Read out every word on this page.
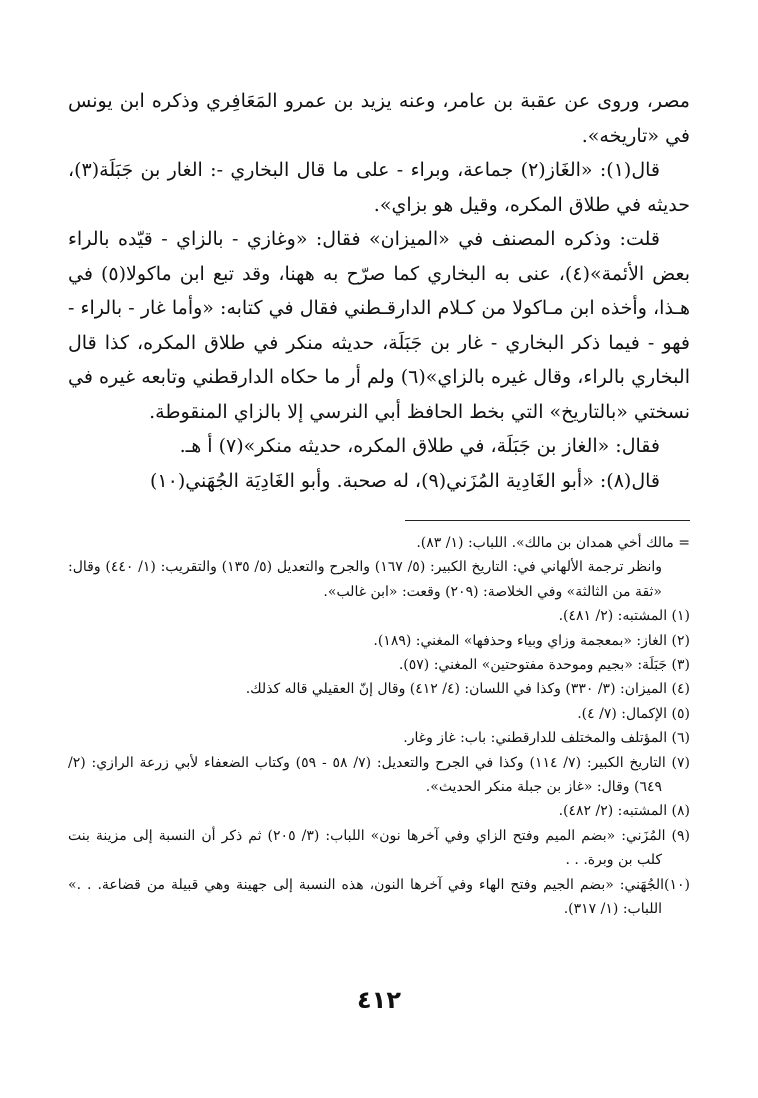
مصر، وروى عن عقبة بن عامر، وعنه يزيد بن عمرو المَعَافِري وذكره ابن يونس في «تاريخه».

قال(١): «الغَاز(٢) جماعة، وبراء - على ما قال البخاري -: الغار بن جَبَلَة(٣)، حديثه في طلاق المكره، وقيل هو بزاي».

قلت: وذكره المصنف في «الميزان» فقال: «وغازي - بالزاي - قيّده بالراء بعض الأئمة»(٤)، عنى به البخاري كما صرّح به ههنا، وقد تبع ابن ماكولا(٥) في هـذا، وأخذه ابن مـاكولا من كـلام الدارقـطني فقال في كتابه: «وأما غار - بالراء - فهو - فيما ذكر البخاري - غار بن جَبَلَة، حديثه منكر في طلاق المكره، كذا قال البخاري بالراء، وقال غيره بالزاي»(٦) ولم أر ما حكاه الدارقطني وتابعه غيره في نسختي «بالتاريخ» التي بخط الحافظ أبي النرسي إلا بالزاي المنقوطة.

فقال: «الغاز بن جَبَلَة، في طلاق المكره، حديثه منكر»(٧) أ هـ.

قال(٨): «أبو الغَادِية المُزَني(٩)، له صحبة. وأبو الغَادِيَة الجُهَني(١٠)

= مالك أخي همدان بن مالك». اللباب: (١/ ٨٣).

وانظر ترجمة الألهاني في: التاريخ الكبير: (٥/ ١٦٧) والجرح والتعديل (٥/ ١٣٥) والتقريب: (١/ ٤٤٠) وقال: «ثقة من الثالثة» وفي الخلاصة: (٢٠٩) وقعت: «ابن غالب».

(١) المشتبه: (٢/ ٤٨١).

(٢) الغاز: «بمعجمة وزاي وبياء وحذفها» المغني: (١٨٩).

(٣) جَبَلَة: «بجيم وموحدة مفتوحتين» المغني: (٥٧).

(٤) الميزان: (٣/ ٣٣٠) وكذا في اللسان: (٤/ ٤١٢) وقال إنّ العقيلي قاله كذلك.

(٥) الإكمال: (٧/ ٤).

(٦) المؤتلف والمختلف للدارقطني: باب: غاز وغار.

(٧) التاريخ الكبير: (٧/ ١١٤) وكذا في الجرح والتعديل: (٧/ ٥٨ - ٥٩) وكتاب الضعفاء لأبي زرعة الرازي: (٢/ ٦٤٩) وقال: «غاز بن جبلة منكر الحديث».

(٨) المشتبه: (٢/ ٤٨٢).

(٩) المُزَني: «بضم الميم وفتح الزاي وفي آخرها نون» اللباب: (٣/ ٢٠٥) ثم ذكر أن النسبة إلى مزينة بنت كلب بن وبرة. . .

(١٠)الجُهَني: «بضم الجيم وفتح الهاء وفي آخرها النون، هذه النسبة إلى جهينة وهي قبيلة من قضاعة. . .» اللباب: (١/ ٣١٧).

٤١٢
